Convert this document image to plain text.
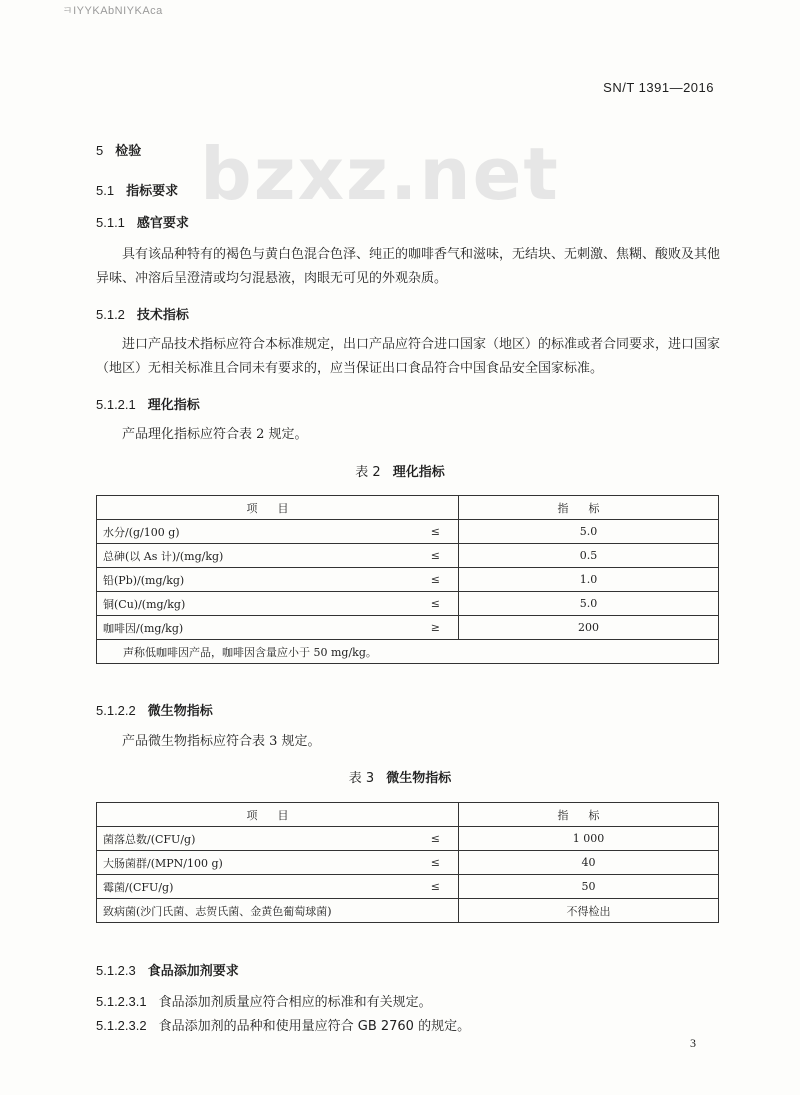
ㅋIYYKAbNIYKAca
SN/T 1391—2016
bzxz.net
5 检验
5.1 指标要求
5.1.1 感官要求
具有该品种特有的褐色与黄白色混合色泽、纯正的咖啡香气和滋味，无结块、无刺激、焦糊、酸败及其他异味、冲溶后呈澄清或均匀混悬液，肉眼无可见的外观杂质。
5.1.2 技术指标
进口产品技术指标应符合本标准规定，出口产品应符合进口国家（地区）的标准或者合同要求，进口国家（地区）无相关标准且合同未有要求的，应当保证出口食品符合中国食品安全国家标准。
5.1.2.1 理化指标
产品理化指标应符合表 2 规定。
表 2 理化指标
项目		指标
水分/(g/100 g)	≤	5.0
总砷(以 As 计)/(mg/kg)	≤	0.5
铅(Pb)/(mg/kg)	≤	1.0
铜(Cu)/(mg/kg)	≤	5.0
咖啡因/(mg/kg)	≥	200
声称低咖啡因产品，咖啡因含量应小于 50 mg/kg。		
5.1.2.2 微生物指标
产品微生物指标应符合表 3 规定。
表 3 微生物指标
项目		指标
菌落总数/(CFU/g)	≤	1 000
大肠菌群/(MPN/100 g)	≤	40
霉菌/(CFU/g)	≤	50
致病菌(沙门氏菌、志贺氏菌、金黄色葡萄球菌)		不得检出
5.1.2.3 食品添加剂要求
5.1.2.3.1 食品添加剂质量应符合相应的标准和有关规定。
5.1.2.3.2 食品添加剂的品种和使用量应符合 GB 2760 的规定。
3
